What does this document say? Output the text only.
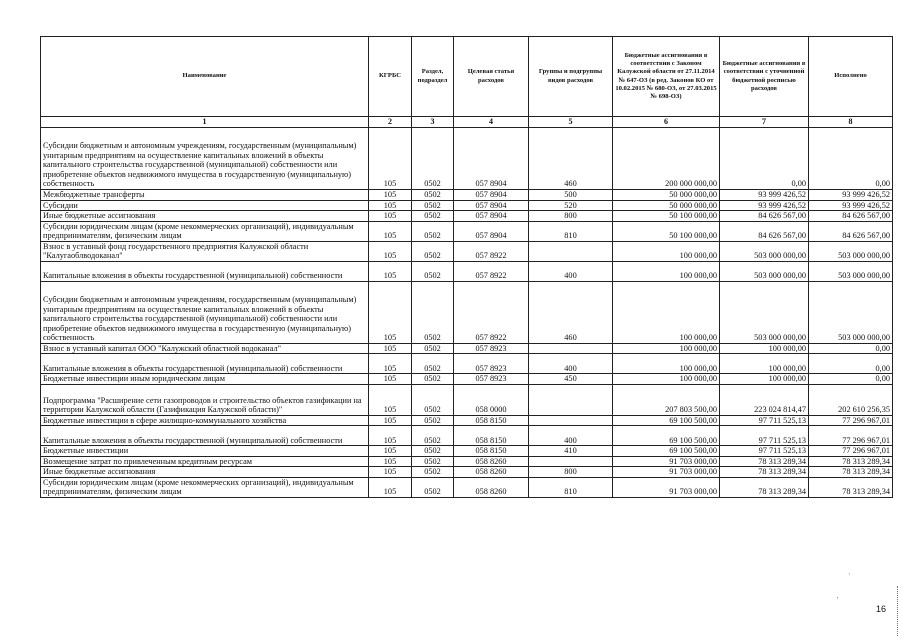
Наименование	КГРБС	Раздел, подраздел	Целевая статья расходов	Группы и подгруппы видов расходов	Бюджетные ассигнования в соответствии с Законом Калужской области от 27.11.2014 № 647-ОЗ (в ред. Законов КО от 10.02.2015 № 680-ОЗ, от 27.03.2015 № 698-ОЗ)	Бюджетные ассигнования в соответствии с уточненной бюджетной росписью расходов	Исполнено
1	2	3	4	5	6	7	8
Субсидии бюджетным и автономным учреждениям, государственным (муниципальным) унитарным предприятиям на осуществление капитальных вложений в объекты капитального строительства государственной (муниципальной) собственности или приобретение объектов недвижимого имущества в государственную (муниципальную) собственность	105	0502	057 8904	460	200 000 000,00	0,00	0,00
Межбюджетные трансферты	105	0502	057 8904	500	50 000 000,00	93 999 426,52	93 999 426,52
Субсидии	105	0502	057 8904	520	50 000 000,00	93 999 426,52	93 999 426,52
Иные бюджетные ассигнования	105	0502	057 8904	800	50 100 000,00	84 626 567,00	84 626 567,00
Субсидии юридическим лицам (кроме некоммерческих организаций), индивидуальным предпринимателям, физическим лицам	105	0502	057 8904	810	50 100 000,00	84 626 567,00	84 626 567,00
Взнос в уставный фонд государственного предприятия Калужской области "Калугаоблводоканал"	105	0502	057 8922		100 000,00	503 000 000,00	503 000 000,00
Капитальные вложения в объекты государственной (муниципальной) собственности	105	0502	057 8922	400	100 000,00	503 000 000,00	503 000 000,00
Субсидии бюджетным и автономным учреждениям, государственным (муниципальным) унитарным предприятиям на осуществление капитальных вложений в объекты капитального строительства государственной (муниципальной) собственности или приобретение объектов недвижимого имущества в государственную (муниципальную) собственность	105	0502	057 8922	460	100 000,00	503 000 000,00	503 000 000,00
Взнос в уставный капитал ООО "Калужский областной водоканал"	105	0502	057 8923		100 000,00	100 000,00	0,00
Капитальные вложения в объекты государственной (муниципальной) собственности	105	0502	057 8923	400	100 000,00	100 000,00	0,00
Бюджетные инвестиции иным юридическим лицам	105	0502	057 8923	450	100 000,00	100 000,00	0,00
Подпрограмма "Расширение сети газопроводов и строительство объектов газификации на территории Калужской области (Газификация Калужской области)"	105	0502	058 0000		207 803 500,00	223 024 814,47	202 610 256,35
Бюджетные инвестиции в сфере жилищно-коммунального хозяйства	105	0502	058 8150		69 100 500,00	97 711 525,13	77 296 967,01
Капитальные вложения в объекты государственной (муниципальной) собственности	105	0502	058 8150	400	69 100 500,00	97 711 525,13	77 296 967,01
Бюджетные инвестиции	105	0502	058 8150	410	69 100 500,00	97 711 525,13	77 296 967,01
Возмещение затрат по привлеченным кредитным ресурсам	105	0502	058 8260		91 703 000,00	78 313 289,34	78 313 289,34
Иные бюджетные ассигнования	105	0502	058 8260	800	91 703 000,00	78 313 289,34	78 313 289,34
Субсидии юридическим лицам (кроме некоммерческих организаций), индивидуальным предпринимателям, физическим лицам	105	0502	058 8260	810	91 703 000,00	78 313 289,34	78 313 289,34
ˌ
ˏ
16
